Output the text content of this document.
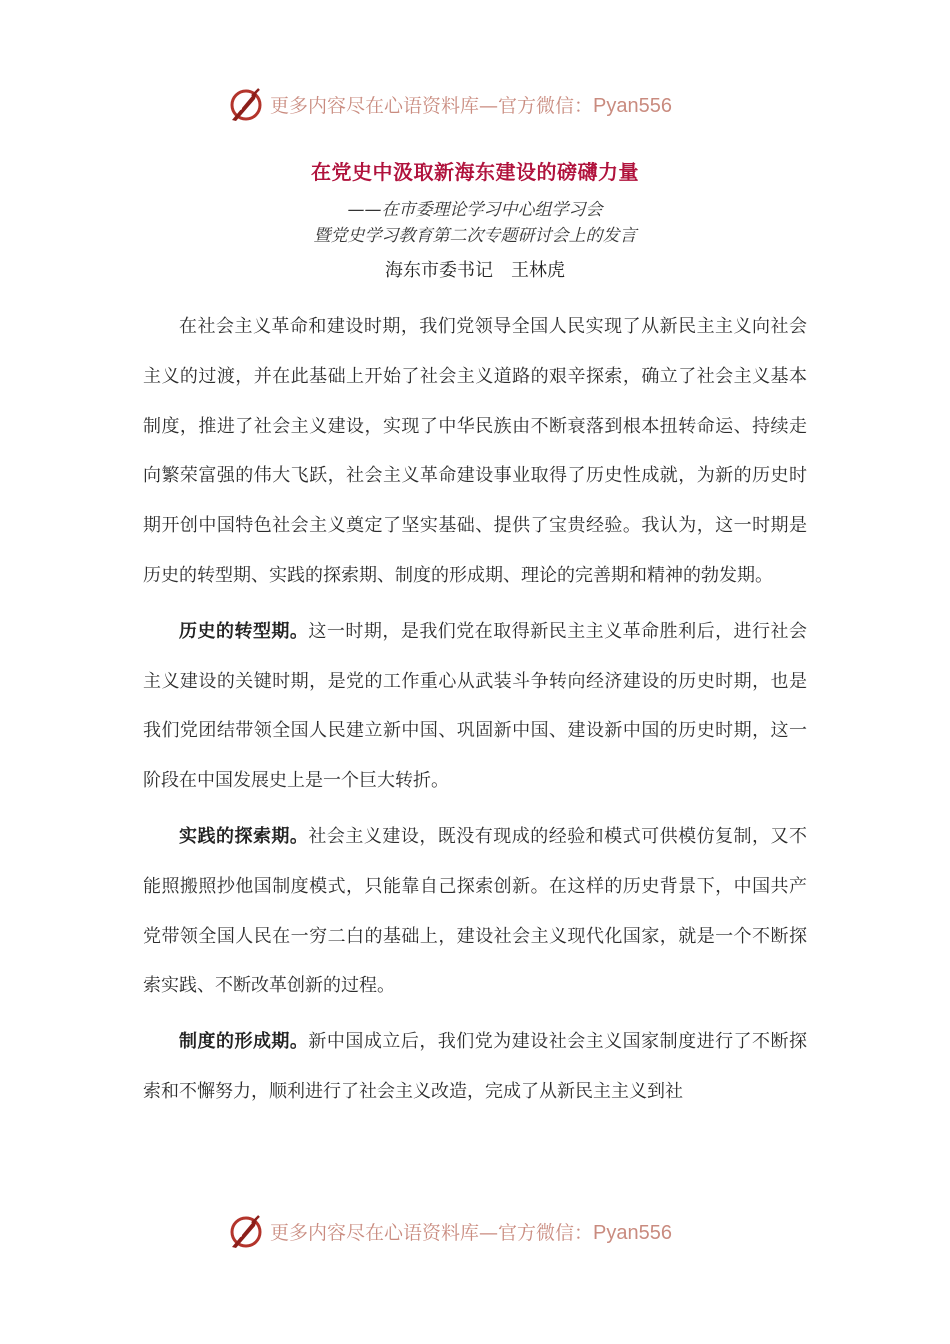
更多内容尽在心语资料库—官方微信：Pyan556
在党史中汲取新海东建设的磅礴力量
——在市委理论学习中心组学习会
暨党史学习教育第二次专题研讨会上的发言
海东市委书记　王林虎

在社会主义革命和建设时期，我们党领导全国人民实现了从新民主主义向社会主义的过渡，并在此基础上开始了社会主义道路的艰辛探索，确立了社会主义基本制度，推进了社会主义建设，实现了中华民族由不断衰落到根本扭转命运、持续走向繁荣富强的伟大飞跃，社会主义革命建设事业取得了历史性成就，为新的历史时期开创中国特色社会主义奠定了坚实基础、提供了宝贵经验。我认为，这一时期是历史的转型期、实践的探索期、制度的形成期、理论的完善期和精神的勃发期。

历史的转型期。这一时期，是我们党在取得新民主主义革命胜利后，进行社会主义建设的关键时期，是党的工作重心从武装斗争转向经济建设的历史时期，也是我们党团结带领全国人民建立新中国、巩固新中国、建设新中国的历史时期，这一阶段在中国发展史上是一个巨大转折。

实践的探索期。社会主义建设，既没有现成的经验和模式可供模仿复制，又不能照搬照抄他国制度模式，只能靠自己探索创新。在这样的历史背景下，中国共产党带领全国人民在一穷二白的基础上，建设社会主义现代化国家，就是一个不断探索实践、不断改革创新的过程。

制度的形成期。新中国成立后，我们党为建设社会主义国家制度进行了不断探索和不懈努力，顺利进行了社会主义改造，完成了从新民主主义到社

更多内容尽在心语资料库—官方微信：Pyan556
